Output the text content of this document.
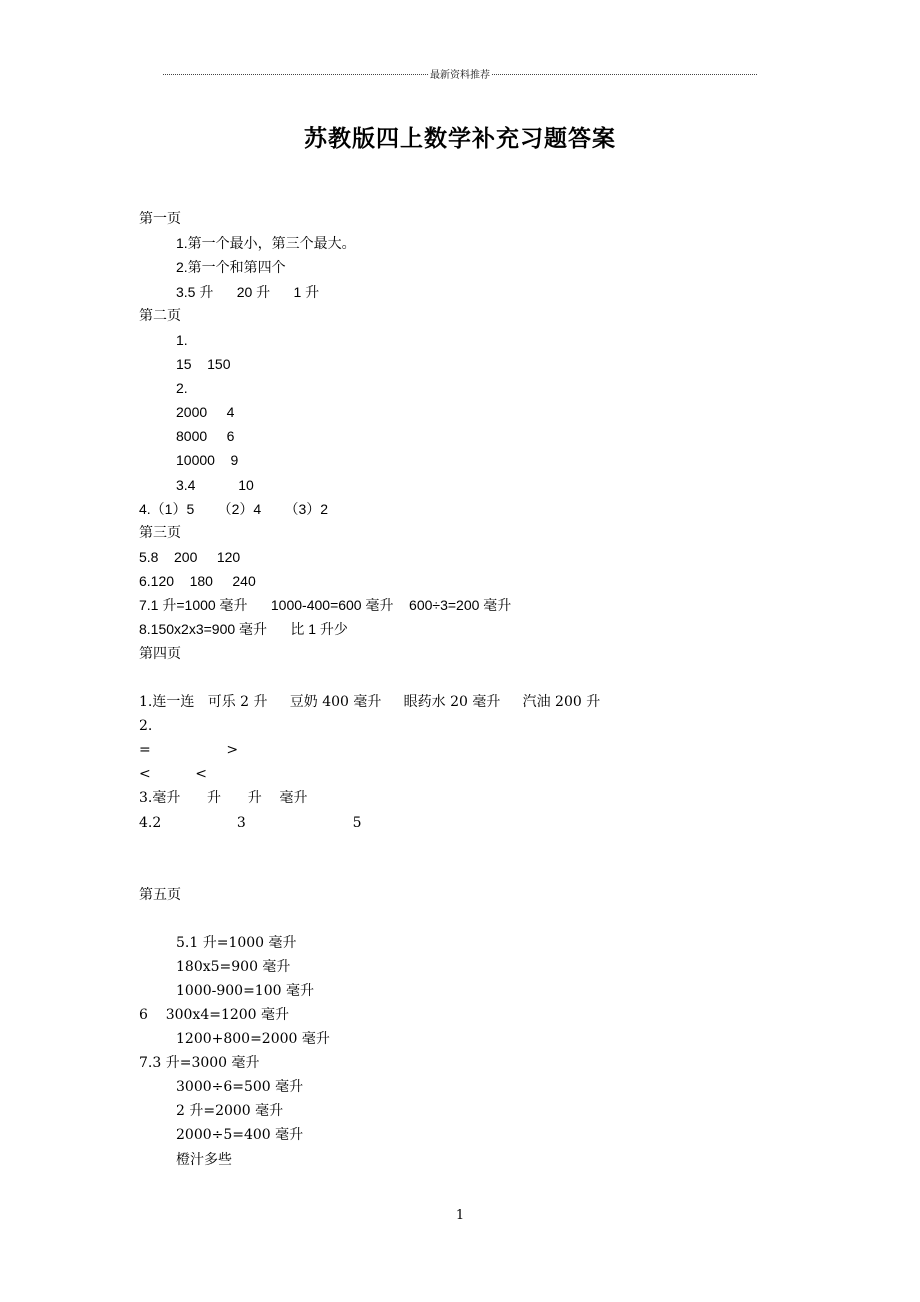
最新资料推荐
苏教版四上数学补充习题答案
第一页
1.第一个最小，第三个最大。
2.第一个和第四个
3.5 升      20 升      1 升
第二页
1.
15    150
2.
2000     4
8000     6
10000    9
3.4           10
4.（1）5      （2）4      （3）2
第三页
5.8    200     120
6.120    180     240
7.1 升=1000 毫升      1000-400=600 毫升    600÷3=200 毫升
8.150x2x3=900 毫升      比 1 升少
第四页
1.连一连   可乐 2 升     豆奶 400 毫升     眼药水 20 毫升     汽油 200 升
2.
=                 >
<          <
3.毫升      升      升    毫升
4.2                 3                        5
第五页
5.1 升=1000 毫升
180x5=900 毫升
1000-900=100 毫升
6    300x4=1200 毫升
1200+800=2000 毫升
7.3 升=3000 毫升
3000÷6=500 毫升
2 升=2000 毫升
2000÷5=400 毫升
橙汁多些
1
